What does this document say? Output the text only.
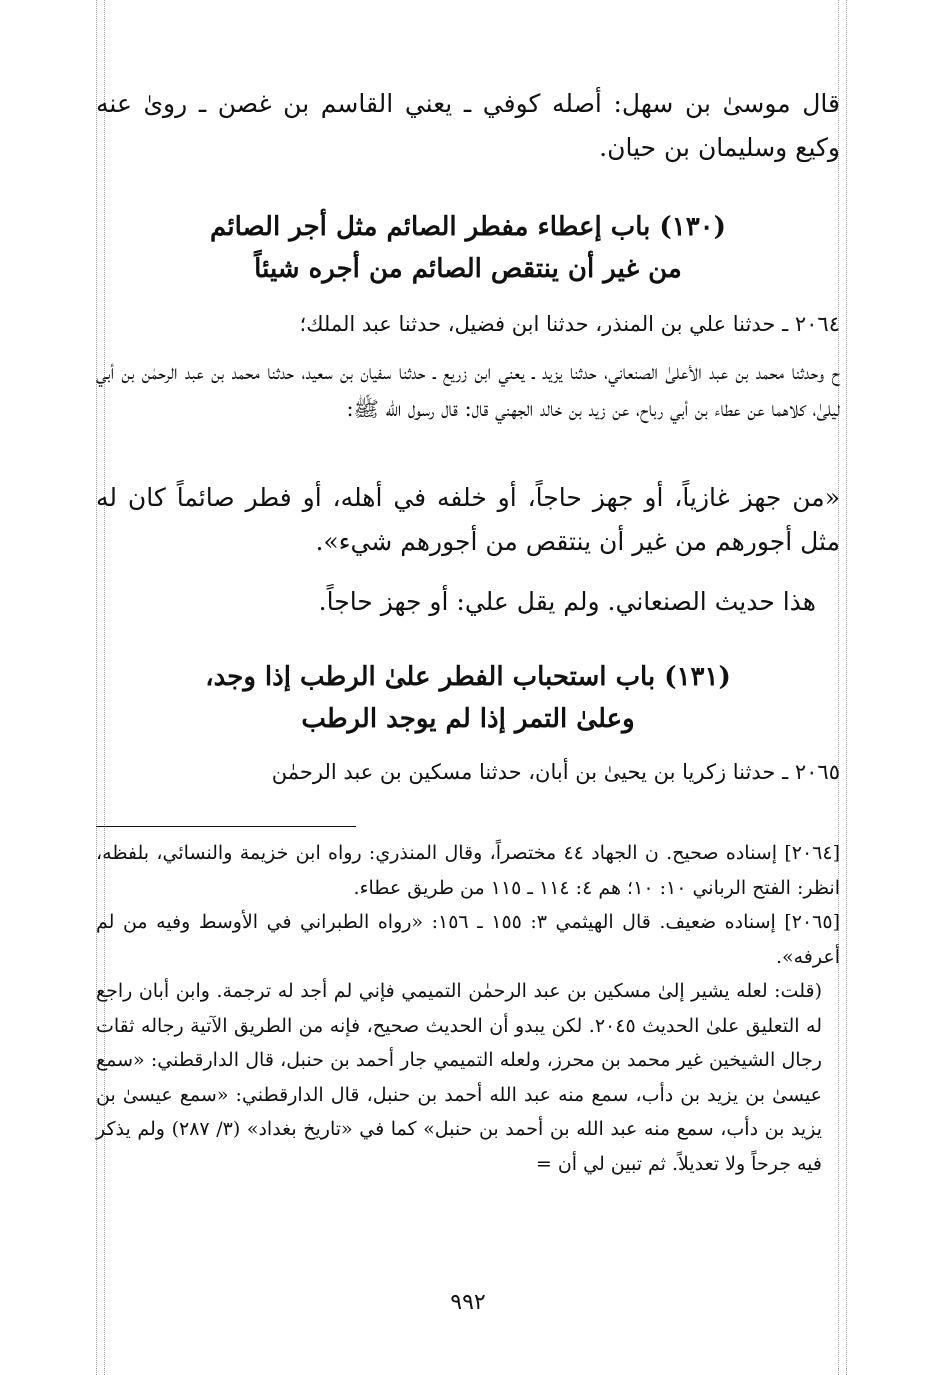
قال موسىٰ بن سهل: أصله كوفي ـ يعني القاسم بن غصن ـ روىٰ عنه وكيع وسليمان بن حيان.

(١٣٠) باب إعطاء مفطر الصائم مثل أجر الصائم
من غير أن ينتقص الصائم من أجره شيئاً

٢٠٦٤ ـ حدثنا علي بن المنذر، حدثنا ابن فضيل، حدثنا عبد الملك؛

ح وحدثنا محمد بن عبد الأعلىٰ الصنعاني، حدثنا يزيد ـ يعني ابن زريع ـ حدثنا سفيان بن سعيد، حدثنا محمد بن عبد الرحمٰن بن أبي ليلىٰ، كلاهما عن عطاء بن أبي رباح، عن زيد بن خالد الجهني قال: قال رسول الله ﷺ:

«من جهز غازياً، أو جهز حاجاً، أو خلفه في أهله، أو فطر صائماً كان له مثل أجورهم من غير أن ينتقص من أجورهم شيء».

هذا حديث الصنعاني. ولم يقل علي: أو جهز حاجاً.

(١٣١) باب استحباب الفطر علىٰ الرطب إذا وجد،
وعلىٰ التمر إذا لم يوجد الرطب

٢٠٦٥ ـ حدثنا زكريا بن يحيىٰ بن أبان، حدثنا مسكين بن عبد الرحمٰن

[٢٠٦٤] إسناده صحيح. ن الجهاد ٤٤ مختصراً، وقال المنذري: رواه ابن خزيمة والنسائي، بلفظه، انظر: الفتح الرباني ١٠: ١٠؛ هم ٤: ١١٤ ـ ١١٥ من طريق عطاء.

[٢٠٦٥] إسناده ضعيف. قال الهيثمي ٣: ١٥٥ ـ ١٥٦: «رواه الطبراني في الأوسط وفيه من لم أعرفه».

(قلت: لعله يشير إلىٰ مسكين بن عبد الرحمٰن التميمي فإني لم أجد له ترجمة. وابن أبان راجع له التعليق علىٰ الحديث ٢٠٤٥. لكن يبدو أن الحديث صحيح، فإنه من الطريق الآتية رجاله ثقات رجال الشيخين غير محمد بن محرز، ولعله التميمي جار أحمد بن حنبل، قال الدارقطني: «سمع عيسىٰ بن يزيد بن دأب، سمع منه عبد الله أحمد بن حنبل، قال الدارقطني: «سمع عيسىٰ بن يزيد بن دأب، سمع منه عبد الله بن أحمد بن حنبل» كما في «تاريخ بغداد» (٣/ ٢٨٧) ولم يذكر فيه جرحاً ولا تعديلاً. ثم تبين لي أن =

٩٩٢
